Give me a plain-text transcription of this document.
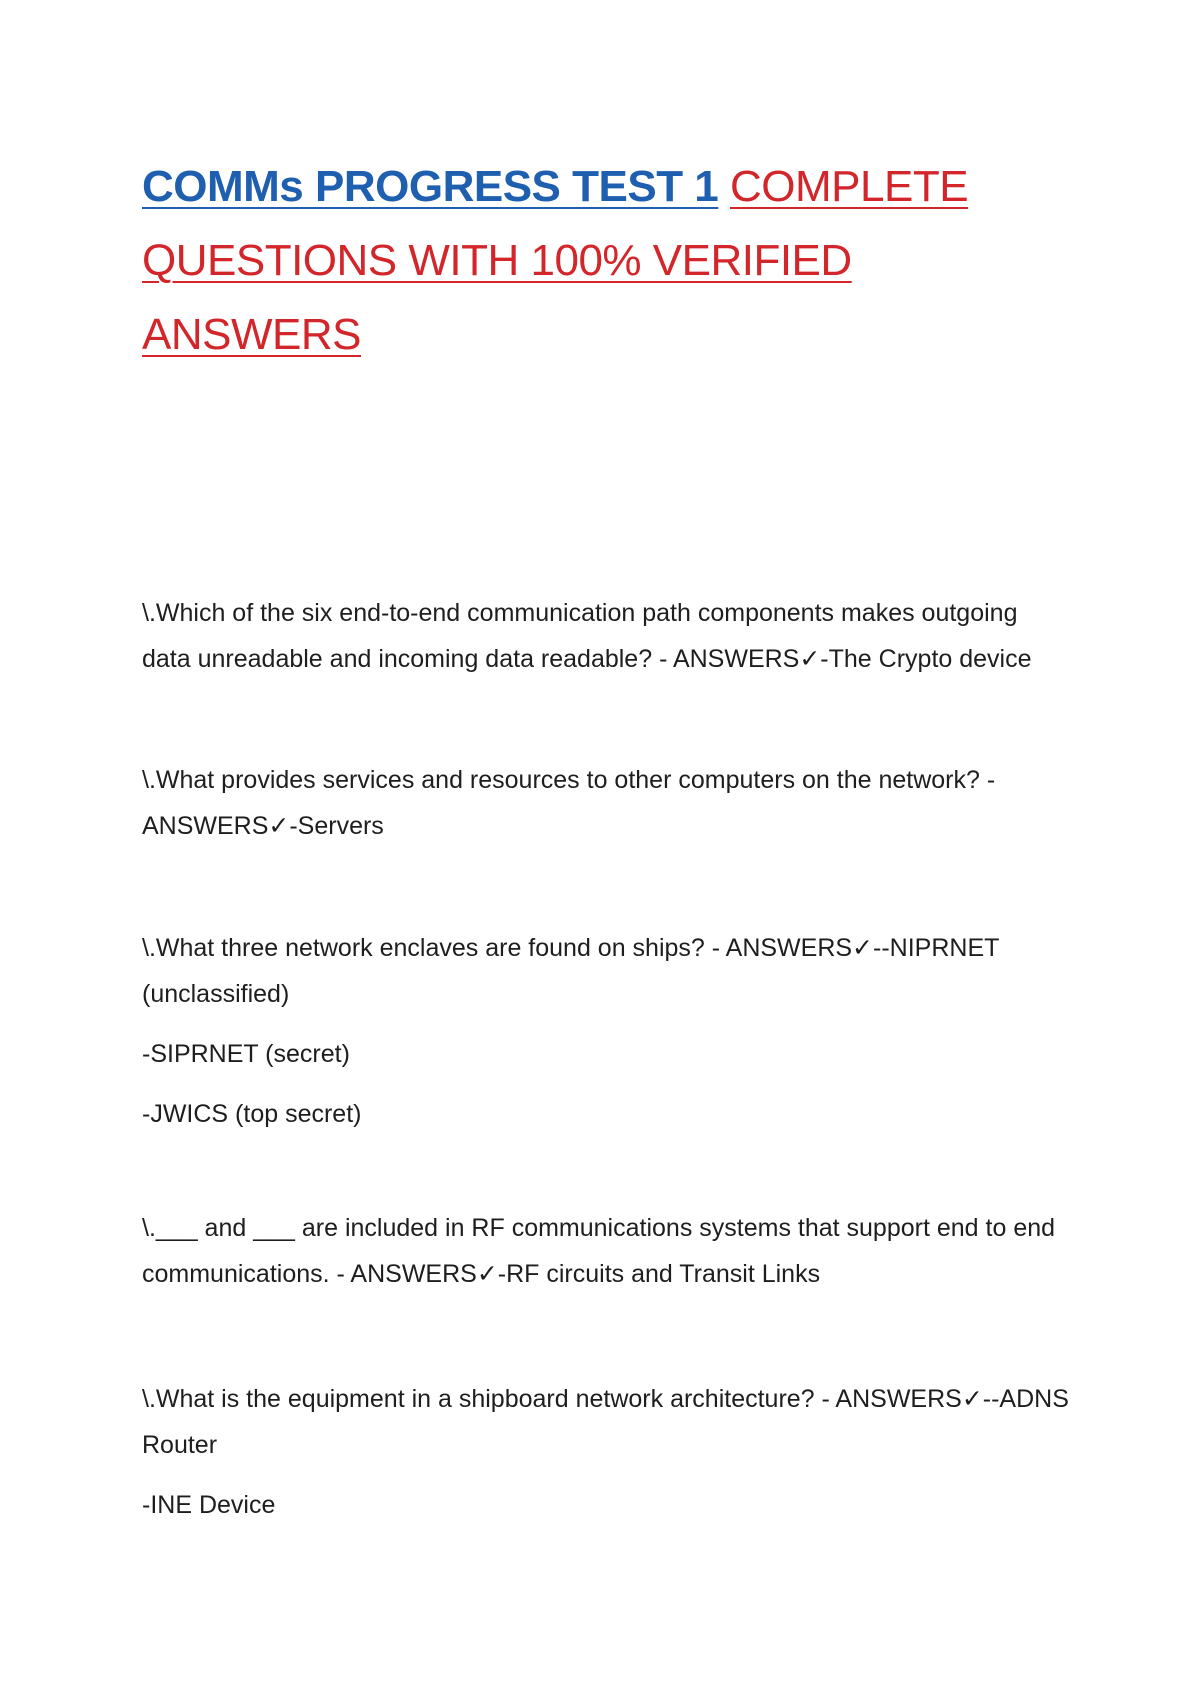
COMMs PROGRESS TEST 1 COMPLETE QUESTIONS WITH 100% VERIFIED ANSWERS

\.Which of the six end-to-end communication path components makes outgoing data unreadable and incoming data readable? - ANSWERS✓-The Crypto device

\.What provides services and resources to other computers on the network? - ANSWERS✓-Servers

\.What three network enclaves are found on ships? - ANSWERS✓--NIPRNET (unclassified)

-SIPRNET (secret)

-JWICS (top secret)

\.___ and ___ are included in RF communications systems that support end to end communications. - ANSWERS✓-RF circuits and Transit Links

\.What is the equipment in a shipboard network architecture? - ANSWERS✓--ADNS Router

-INE Device
